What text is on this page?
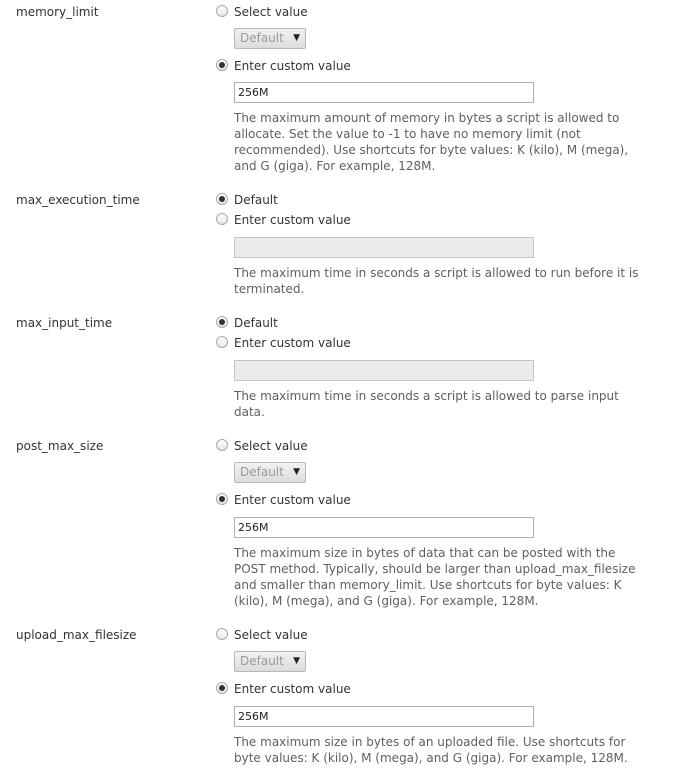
memory_limit	Select value
Default ▼
Enter custom value
256M
The maximum amount of memory in bytes a script is allowed to
allocate. Set the value to -1 to have no memory limit (not
recommended). Use shortcuts for byte values: K (kilo), M (mega),
and G (giga). For example, 128M.
max_execution_time	Default
Enter custom value
The maximum time in seconds a script is allowed to run before it is
terminated.
max_input_time	Default
Enter custom value
The maximum time in seconds a script is allowed to parse input
data.
post_max_size	Select value
Default ▼
Enter custom value
256M
The maximum size in bytes of data that can be posted with the
POST method. Typically, should be larger than upload_max_filesize
and smaller than memory_limit. Use shortcuts for byte values: K
(kilo), M (mega), and G (giga). For example, 128M.
upload_max_filesize	Select value
Default ▼
Enter custom value
256M
The maximum size in bytes of an uploaded file. Use shortcuts for
byte values: K (kilo), M (mega), and G (giga). For example, 128M.
